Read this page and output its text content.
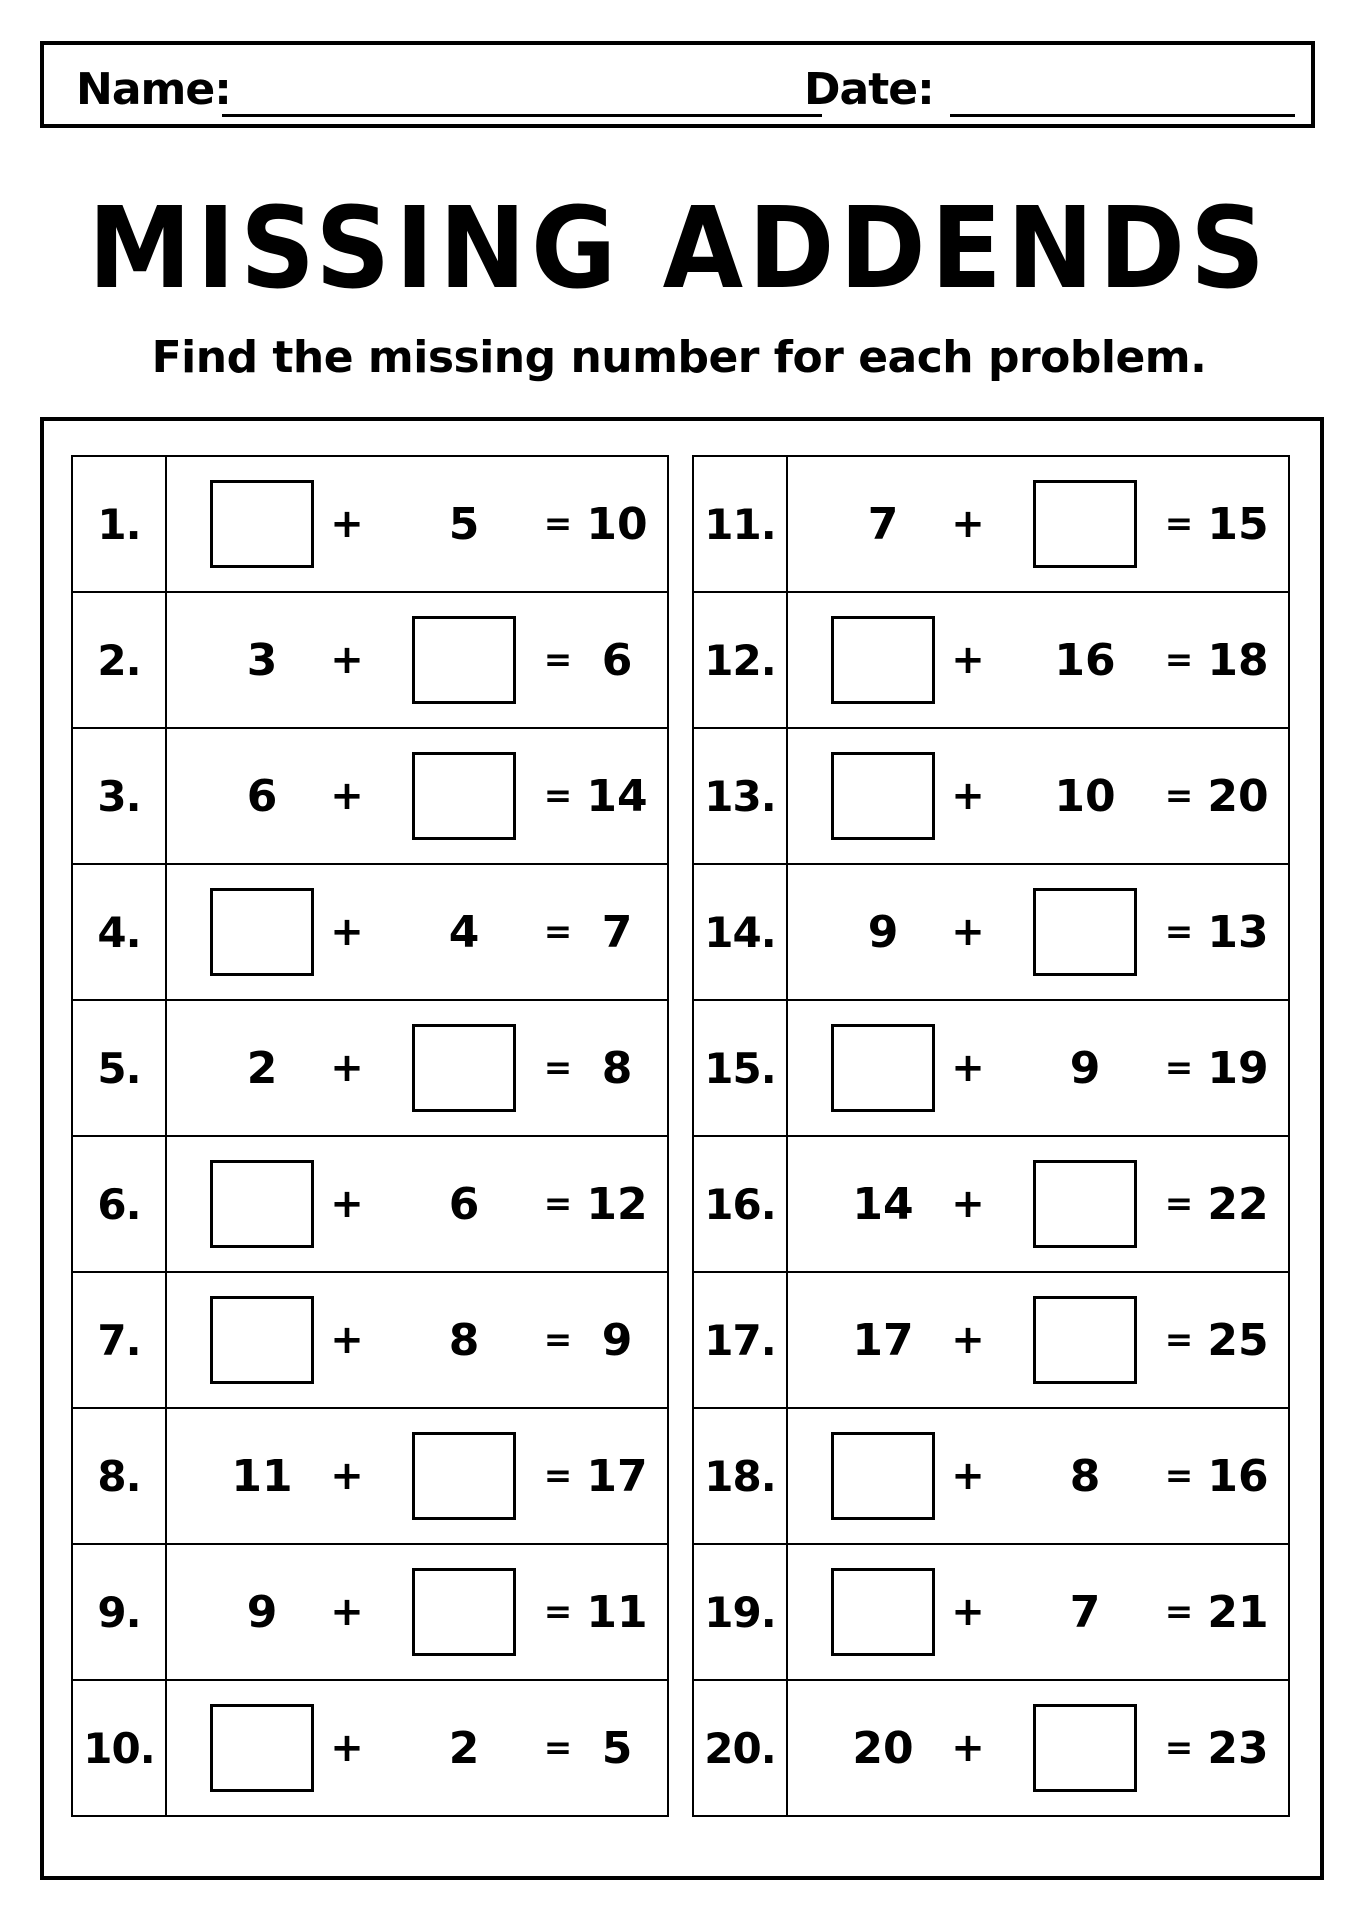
Name:	Date:
MISSING ADDENDS
Find the missing number for each problem.
1.	+	5	= 10
2.	3	+	= 6
3.	6	+	= 14
4.	+	4	= 7
5.	2	+	= 8
6.	+	6	= 12
7.	+	8	= 9
8.	11 +	= 17
9.	9	+	= 11
10.	+	2	= 5
11.	7	+	= 15
12.	+	16	= 18
13.	+	10	= 20
14.	9	+	= 13
15.	+	9	= 19
16.	14 +	= 22
17.	17 +	= 25
18.	+	8	= 16
19.	+	7	= 21
20.	20 +	= 23
